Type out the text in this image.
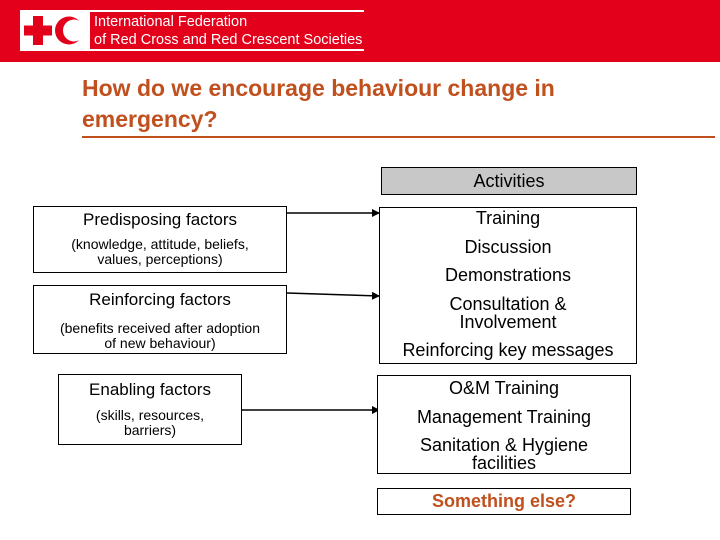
International Federation
of Red Cross and Red Crescent Societies
How do we encourage behaviour change in
emergency?
Predisposing factors
(knowledge, attitude, beliefs,
values, perceptions)
Reinforcing factors
(benefits received after adoption
of new behaviour)
Enabling factors
(skills, resources,
barriers)
Activities
Training
Discussion
Demonstrations
Consultation &
Involvement
Reinforcing key messages
O&M Training
Management Training
Sanitation & Hygiene
facilities
Something else?
